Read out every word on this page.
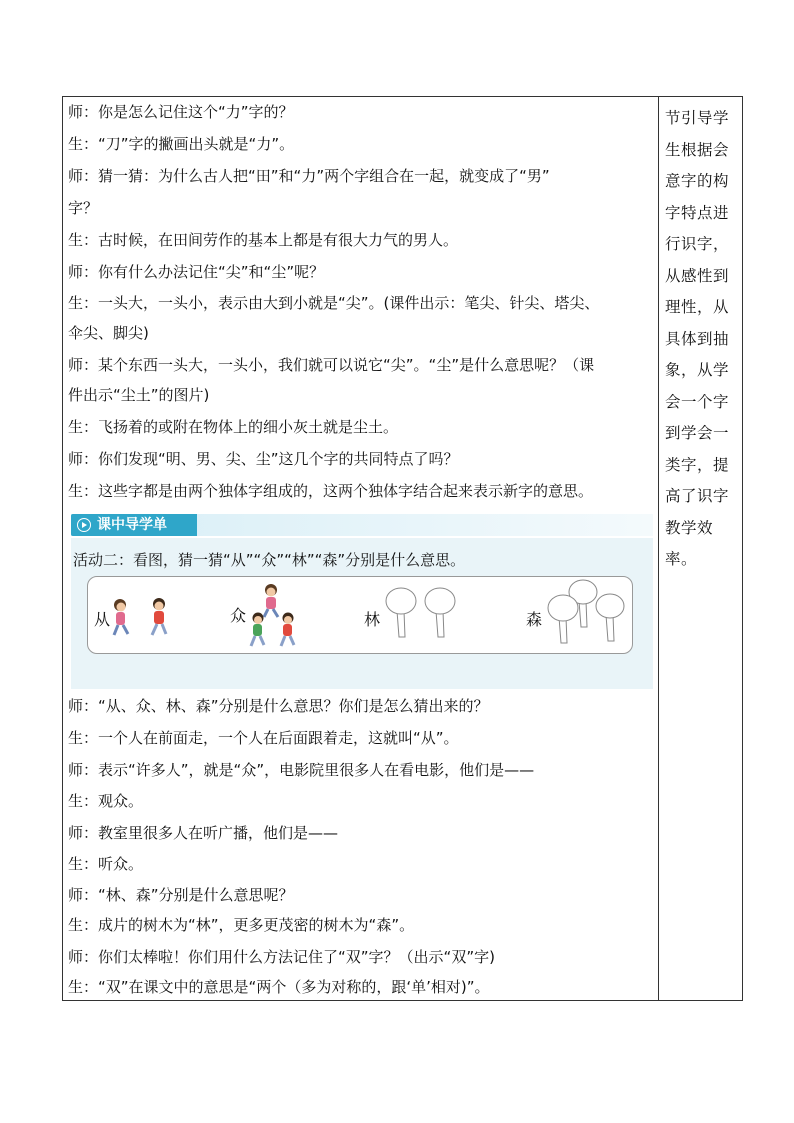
师：你是怎么记住这个“力”字的？
生：“刀”字的撇画出头就是“力”。
师：猜一猜：为什么古人把“田”和“力”两个字组合在一起，就变成了“男”
字？
生：古时候，在田间劳作的基本上都是有很大力气的男人。
师：你有什么办法记住“尖”和“尘”呢？
生：一头大，一头小，表示由大到小就是“尖”。(课件出示：笔尖、针尖、塔尖、
伞尖、脚尖)
师：某个东西一头大，一头小，我们就可以说它“尖”。“尘”是什么意思呢？（课
件出示“尘土”的图片)
生：飞扬着的或附在物体上的细小灰土就是尘土。
师：你们发现“明、男、尖、尘”这几个字的共同特点了吗？
生：这些字都是由两个独体字组成的，这两个独体字结合起来表示新字的意思。
课中导学单
活动二：看图，猜一猜“从”“众”“林”“森”分别是什么意思。
从	众	林	森
师：“从、众、林、森”分别是什么意思？你们是怎么猜出来的？
生：一个人在前面走，一个人在后面跟着走，这就叫“从”。
师：表示“许多人”，就是“众”，电影院里很多人在看电影，他们是——
生：观众。
师：教室里很多人在听广播，他们是——
生：听众。
师：“林、森”分别是什么意思呢？
生：成片的树木为“林”，更多更茂密的树木为“森”。
师：你们太棒啦！你们用什么方法记住了“双”字？（出示“双”字)
生：“双”在课文中的意思是“两个（多为对称的，跟‘单’相对)”。
节引导学
生根据会
意字的构
字特点进
行识字，
从感性到
理性，从
具体到抽
象，从学
会一个字
到学会一
类字，提
高了识字
教学效
率。
